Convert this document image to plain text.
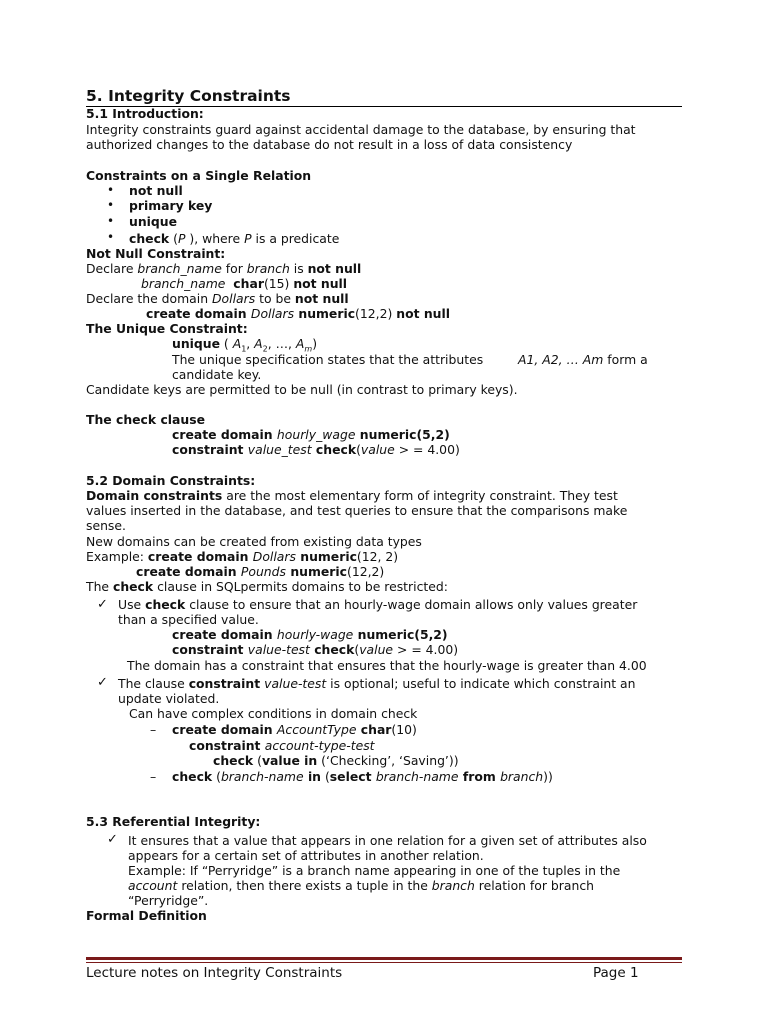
5. Integrity Constraints
5.1 Introduction:
Integrity constraints guard against accidental damage to the database, by ensuring that
authorized changes to the database do not result in a loss of data consistency
Constraints on a Single Relation
• not null
• primary key
• unique
• check (P ), where P is a predicate
Not Null Constraint:
Declare branch_name for branch is not null
branch_name char(15) not null
Declare the domain Dollars to be not null
create domain Dollars numeric(12,2) not null
The Unique Constraint:
unique ( $A_1$, $A_2$, …, $A_m$)
The unique specification states that the attributes	A1, A2, … Am form a
candidate key.
Candidate keys are permitted to be null (in contrast to primary keys).
The check clause
create domain hourly_wage numeric(5,2)
constraint value_test check(value > = 4.00)
5.2 Domain Constraints:
Domain constraints are the most elementary form of integrity constraint. They test
values inserted in the database, and test queries to ensure that the comparisons make
sense.
New domains can be created from existing data types
Example: create domain Dollars numeric(12, 2)
create domain Pounds numeric(12,2)
The check clause in SQLpermits domains to be restricted:
✓ Use check clause to ensure that an hourly-wage domain allows only values greater
than a specified value.
create domain hourly-wage numeric(5,2)
constraint value-test check(value > = 4.00)
The domain has a constraint that ensures that the hourly-wage is greater than 4.00
✓ The clause constraint value-test is optional; useful to indicate which constraint an
update violated.
Can have complex conditions in domain check
– create domain AccountType char(10)
constraint account-type-test
check (value in (‘Checking’, ‘Saving’))
– check (branch-name in (select branch-name from branch))
5.3 Referential Integrity:
✓ It ensures that a value that appears in one relation for a given set of attributes also
appears for a certain set of attributes in another relation.
Example: If “Perryridge” is a branch name appearing in one of the tuples in the
account relation, then there exists a tuple in the branch relation for branch
“Perryridge”.
Formal Definition
Lecture notes on Integrity Constraints	Page 1
